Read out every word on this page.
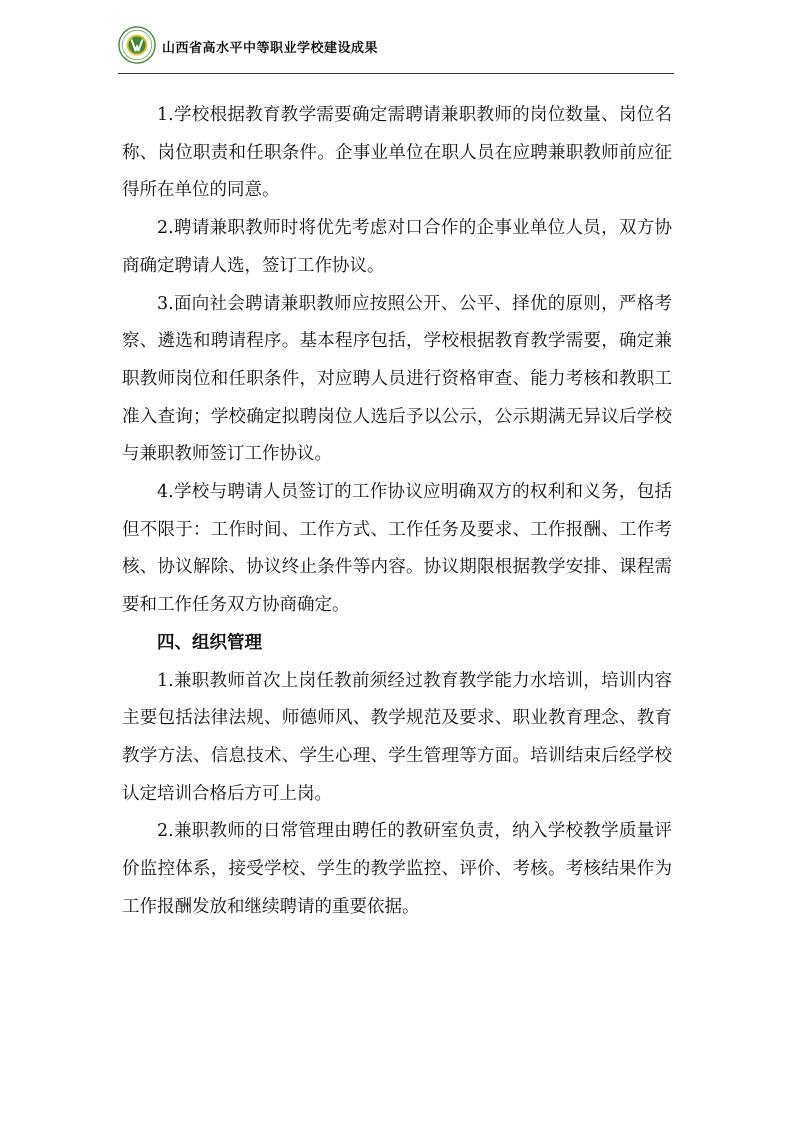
山西省高水平中等职业学校建设成果

1.学校根据教育教学需要确定需聘请兼职教师的岗位数量、岗位名称、岗位职责和任职条件。企事业单位在职人员在应聘兼职教师前应征得所在单位的同意。

2.聘请兼职教师时将优先考虑对口合作的企事业单位人员，双方协商确定聘请人选，签订工作协议。

3.面向社会聘请兼职教师应按照公开、公平、择优的原则，严格考察、遴选和聘请程序。基本程序包括，学校根据教育教学需要，确定兼职教师岗位和任职条件，对应聘人员进行资格审查、能力考核和教职工准入查询；学校确定拟聘岗位人选后予以公示，公示期满无异议后学校与兼职教师签订工作协议。

4.学校与聘请人员签订的工作协议应明确双方的权利和义务，包括但不限于：工作时间、工作方式、工作任务及要求、工作报酬、工作考核、协议解除、协议终止条件等内容。协议期限根据教学安排、课程需要和工作任务双方协商确定。

四、组织管理

1.兼职教师首次上岗任教前须经过教育教学能力水培训，培训内容主要包括法律法规、师德师风、教学规范及要求、职业教育理念、教育教学方法、信息技术、学生心理、学生管理等方面。培训结束后经学校认定培训合格后方可上岗。

2.兼职教师的日常管理由聘任的教研室负责，纳入学校教学质量评价监控体系，接受学校、学生的教学监控、评价、考核。考核结果作为工作报酬发放和继续聘请的重要依据。
